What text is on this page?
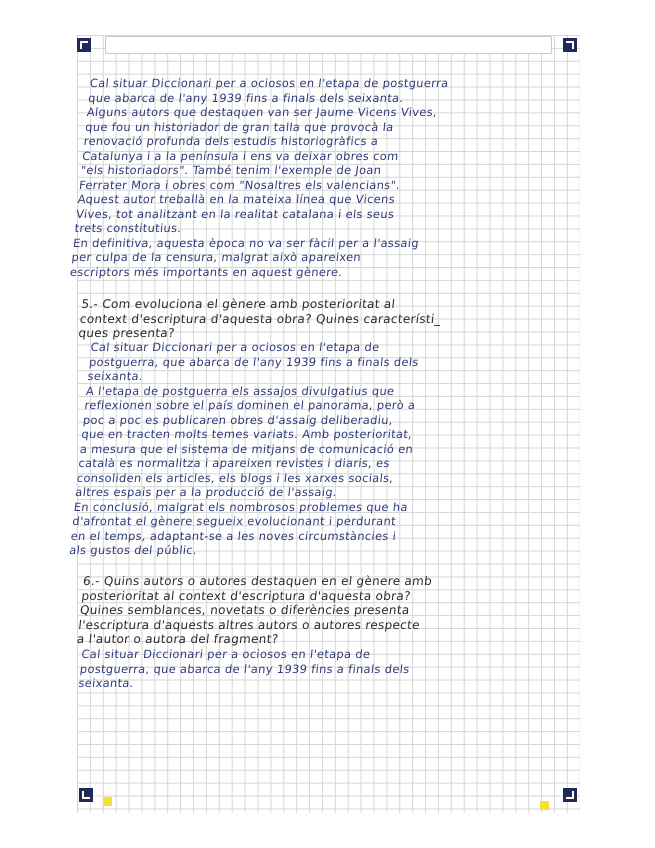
Cal situar Diccionari per a ociosos en l'etapa de postguerra
que abarca de l'any 1939 fins a finals dels seixanta.
Alguns autors que destaquen van ser Jaume Vicens Vives,
que fou un historiador de gran talla que provocà la
renovació profunda dels estudis historiogràfics a
Catalunya i a la península i ens va deixar obres com
"els historiadors". També tenim l'exemple de Joan
Ferrater Mora i obres com "Nosaltres els valencians".
Aquest autor treballà en la mateixa línea que Vicens
Vives, tot analitzant en la realitat catalana i els seus
trets constitutius.
En definitiva, aquesta època no va ser fàcil per a l'assaig
per culpa de la censura, malgrat això apareixen
escriptors més importants en aquest gènere.

5.- Com evoluciona el gènere amb posterioritat al
context d'escriptura d'aquesta obra? Quines característi_
ques presenta?

Cal situar Diccionari per a ociosos en l'etapa de
postguerra, que abarca de l'any 1939 fins a finals dels
seixanta.
A l'etapa de postguerra els assajos divulgatius que
reflexionen sobre el país dominen el panorama, però a
poc a poc es publicaren obres d'assaig deliberadiu,
que en tracten molts temes variats. Amb posterioritat,
a mesura que el sistema de mitjans de comunicació en
català es normalitza i apareixen revistes i diaris, es
consoliden els articles, els blogs i les xarxes socials,
altres espais per a la producció de l'assaig.
En conclusió, malgrat els nombrosos problemes que ha
d'afrontat el gènere segueix evolucionant i perdurant
en el temps, adaptant-se a les noves circumstàncies i
als gustos del públic.

6.- Quins autors o autores destaquen en el gènere amb
posterioritat al context d'escriptura d'aquesta obra?
Quines semblances, novetats o diferències presenta
l'escriptura d'aquests altres autors o autores respecte
a l'autor o autora del fragment?

Cal situar Diccionari per a ociosos en l'etapa de
postguerra, que abarca de l'any 1939 fins a finals dels
seixanta.
